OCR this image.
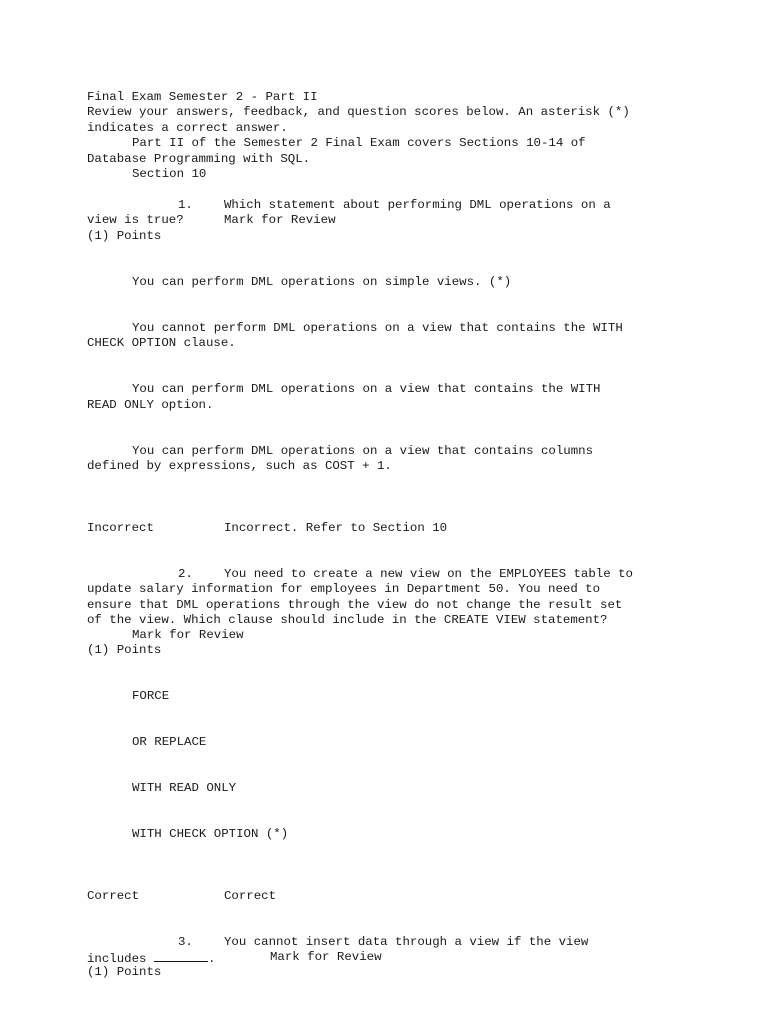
Final Exam Semester 2 - Part II
Review your answers, feedback, and question scores below. An asterisk (*)
indicates a correct answer.
Part II of the Semester 2 Final Exam covers Sections 10-14 of
Database Programming with SQL.
Section 10
1.	Which statement about performing DML operations on a
view is true?	Mark for Review
(1) Points
You can perform DML operations on simple views. (*)
You cannot perform DML operations on a view that contains the WITH
CHECK OPTION clause.
You can perform DML operations on a view that contains the WITH
READ ONLY option.
You can perform DML operations on a view that contains columns
defined by expressions, such as COST + 1.
Incorrect	Incorrect. Refer to Section 10
2.	You need to create a new view on the EMPLOYEES table to
update salary information for employees in Department 50. You need to
ensure that DML operations through the view do not change the result set
of the view. Which clause should include in the CREATE VIEW statement?
Mark for Review
(1) Points
FORCE
OR REPLACE
WITH READ ONLY
WITH CHECK OPTION (*)
Correct	Correct
3.	You cannot insert data through a view if the view
includes	.	Mark for Review
(1) Points
